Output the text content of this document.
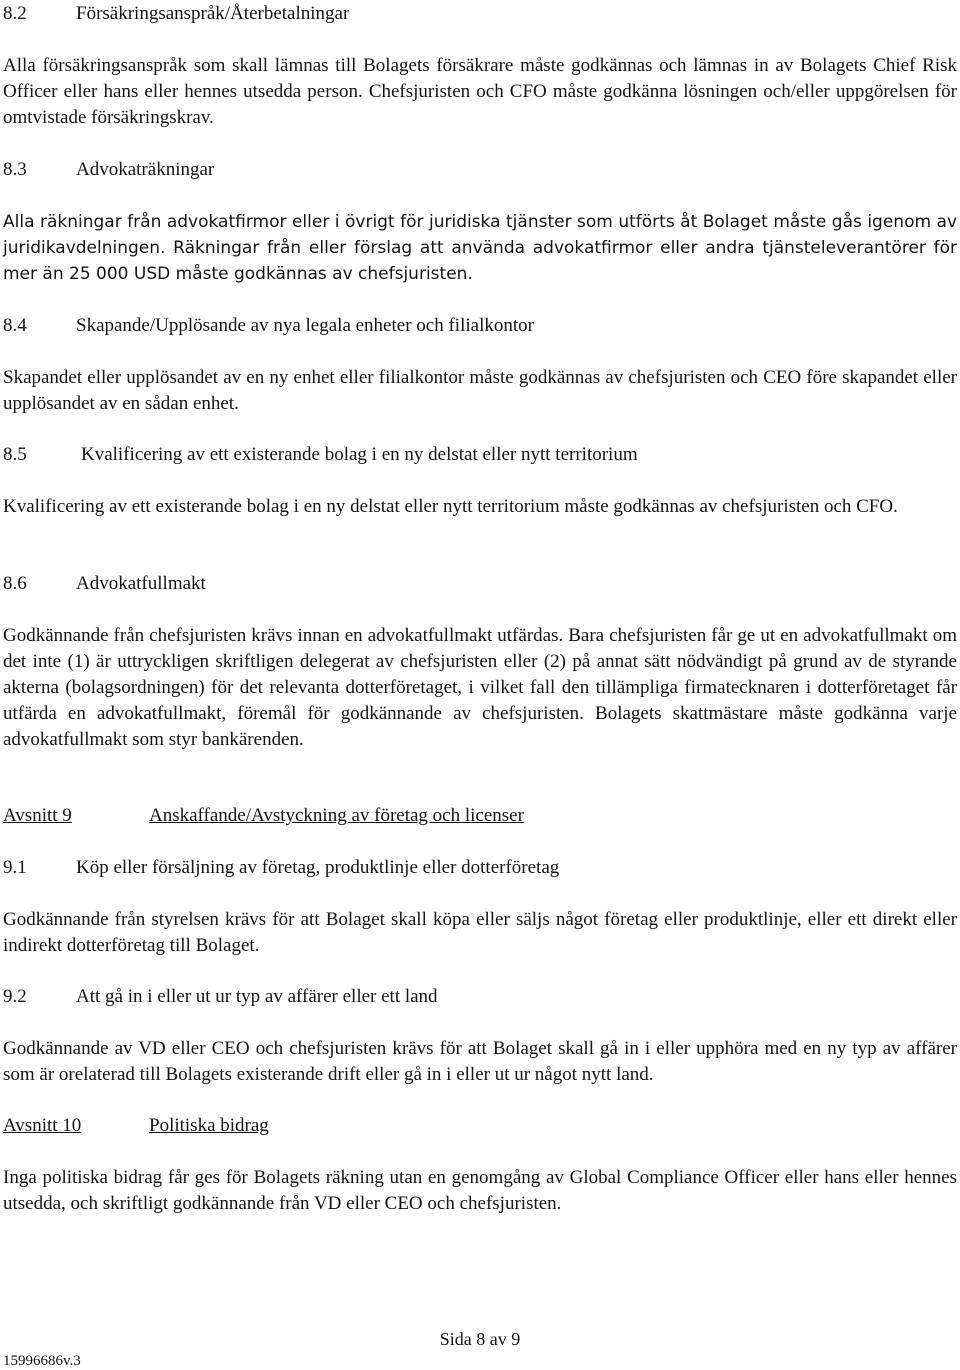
8.2	Försäkringsanspråk/Återbetalningar

Alla försäkringsanspråk som skall lämnas till Bolagets försäkrare måste godkännas och lämnas in av Bolagets Chief Risk Officer eller hans eller hennes utsedda person. Chefsjuristen och CFO måste godkänna lösningen och/eller uppgörelsen för omtvistade försäkringskrav.

8.3	Advokaträkningar

Alla räkningar från advokatfirmor eller i övrigt för juridiska tjänster som utförts åt Bolaget måste gås igenom av juridikavdelningen. Räkningar från eller förslag att använda advokatfirmor eller andra tjänsteleverantörer för mer än 25 000 USD måste godkännas av chefsjuristen.

8.4	Skapande/Upplösande av nya legala enheter och filialkontor

Skapandet eller upplösandet av en ny enhet eller filialkontor måste godkännas av chefsjuristen och CEO före skapandet eller upplösandet av en sådan enhet.

8.5	Kvalificering av ett existerande bolag i en ny delstat eller nytt territorium

Kvalificering av ett existerande bolag i en ny delstat eller nytt territorium måste godkännas av chefsjuristen och CFO.

8.6	Advokatfullmakt

Godkännande från chefsjuristen krävs innan en advokatfullmakt utfärdas. Bara chefsjuristen får ge ut en advokatfullmakt om det inte (1) är uttryckligen skriftligen delegerat av chefsjuristen eller (2) på annat sätt nödvändigt på grund av de styrande akterna (bolagsordningen) för det relevanta dotterföretaget, i vilket fall den tillämpliga firmatecknaren i dotterföretaget får utfärda en advokatfullmakt, föremål för godkännande av chefsjuristen. Bolagets skattmästare måste godkänna varje advokatfullmakt som styr bankärenden.

Avsnitt 9	Anskaffande/Avstyckning av företag och licenser
9.1	Köp eller försäljning av företag, produktlinje eller dotterföretag

Godkännande från styrelsen krävs för att Bolaget skall köpa eller säljs något företag eller produktlinje, eller ett direkt eller indirekt dotterföretag till Bolaget.

9.2	Att gå in i eller ut ur typ av affärer eller ett land

Godkännande av VD eller CEO och chefsjuristen krävs för att Bolaget skall gå in i eller upphöra med en ny typ av affärer som är orelaterad till Bolagets existerande drift eller gå in i eller ut ur något nytt land.

Avsnitt 10	Politiska bidrag

Inga politiska bidrag får ges för Bolagets räkning utan en genomgång av Global Compliance Officer eller hans eller hennes utsedda, och skriftligt godkännande från VD eller CEO och chefsjuristen.

Sida 8 av 9
15996686v.3
